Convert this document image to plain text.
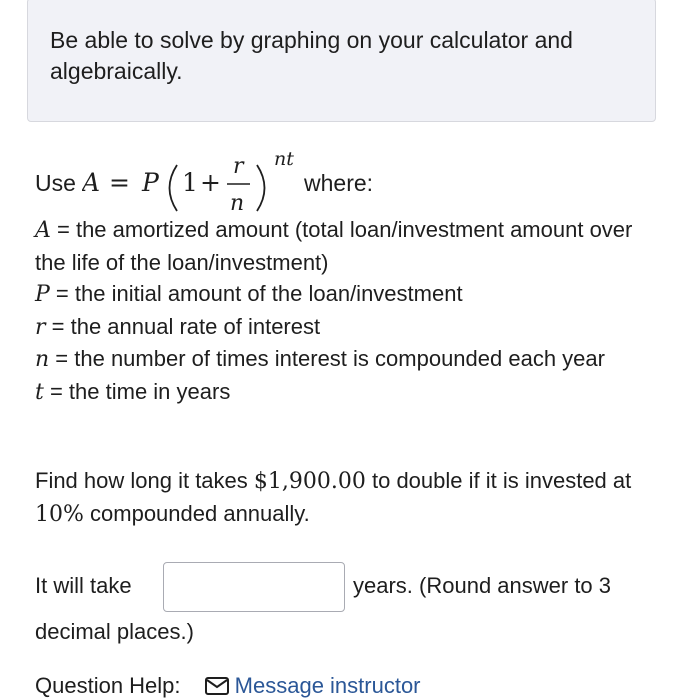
Be able to solve by graphing on your calculator and algebraically.
Use A = P 1 +
r
n
nt
where:
A = the amortized amount (total loan/investment amount over the life of the loan/investment)
P = the initial amount of the loan/investment
r = the annual rate of interest
n = the number of times interest is compounded each year
t = the time in years
Find how long it takes $1,900.00 to double if it is invested at 10% compounded annually.
It will take	years. (Round answer to 3
decimal places.)
Question Help: Message instructor
